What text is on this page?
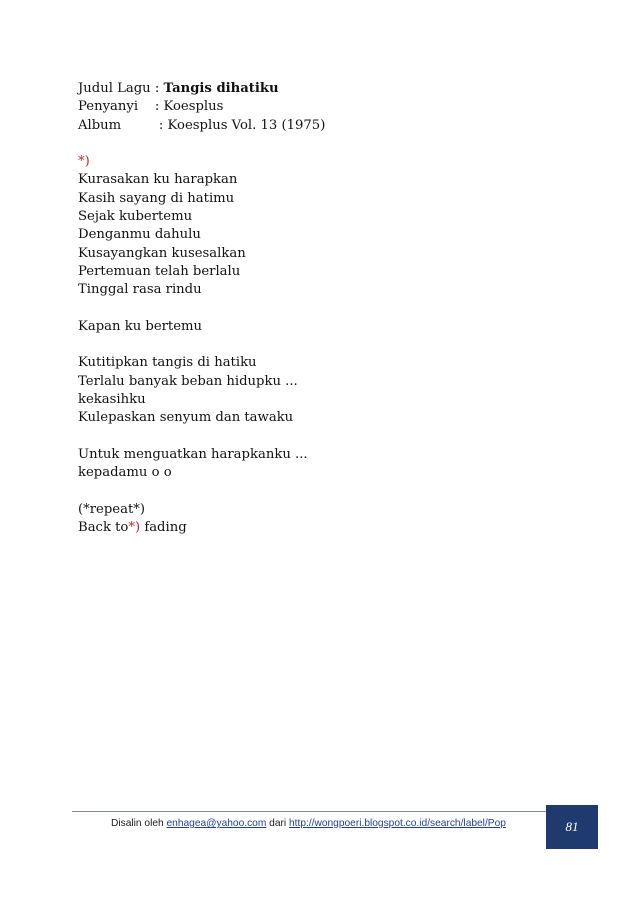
Judul Lagu : Tangis dihatiku
Penyanyi    : Koesplus
Album         : Koesplus Vol. 13 (1975)
*)
Kurasakan ku harapkan
Kasih sayang di hatimu
Sejak kubertemu
Denganmu dahulu
Kusayangkan kusesalkan
Pertemuan telah berlalu
Tinggal rasa rindu
Kapan ku bertemu
Kutitipkan tangis di hatiku
Terlalu banyak beban hidupku ...
kekasihku
Kulepaskan senyum dan tawaku
Untuk menguatkan harapkanku ...
kepadamu o o
(*repeat*)
Back to*) fading
Disalin oleh enhagea@yahoo.com dari http://wongpoeri.blogspot.co.id/search/label/Pop	81
